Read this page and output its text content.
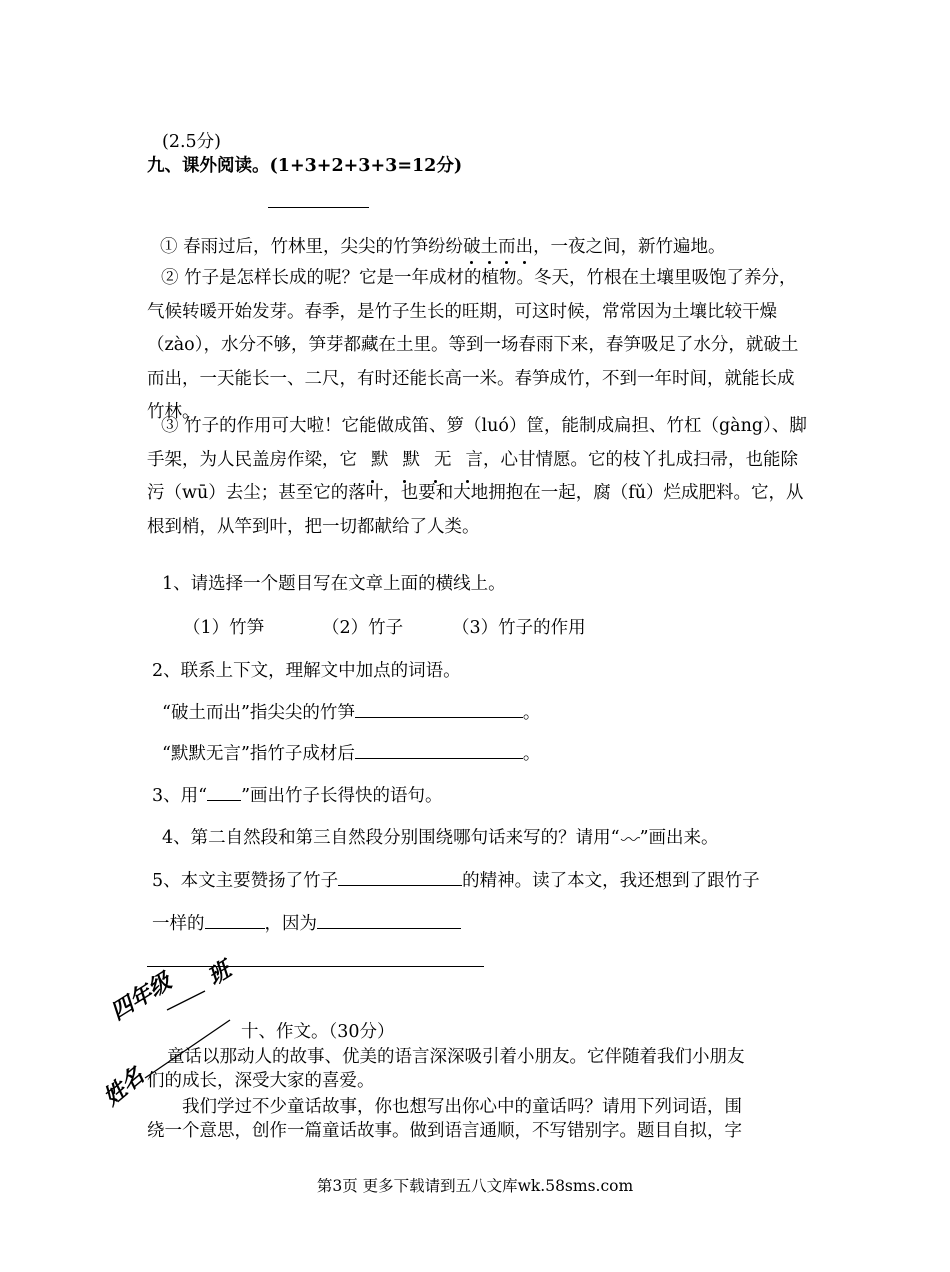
(2.5分)
九、课外阅读。(1+3+2+3+3=12分)
① 春雨过后，竹林里，尖尖的竹笋纷纷破土而出，一夜之间，新竹遍地。
② 竹子是怎样长成的呢？它是一年成材的植物。冬天，竹根在土壤里吸饱了养分，气候转暖开始发芽。春季，是竹子生长的旺期，可这时候，常常因为土壤比较干燥（zào），水分不够，笋芽都藏在土里。等到一场春雨下来，春笋吸足了水分，就破土而出，一天能长一、二尺，有时还能长高一米。春笋成竹，不到一年时间，就能长成竹林。
③ 竹子的作用可大啦！它能做成笛、箩（luó）筐，能制成扁担、竹杠（gàng）、脚手架，为人民盖房作梁，它 默 默 无 言，心甘情愿。它的枝丫扎成扫帚，也能除污（wū）去尘；甚至它的落叶，也要和大地拥抱在一起，腐（fǔ）烂成肥料。它，从根到梢，从竿到叶，把一切都献给了人类。
1、请选择一个题目写在文章上面的横线上。
（1）竹笋	（2）竹子	（3）竹子的作用
2、联系上下文，理解文中加点的词语。
“破土而出”指尖尖的竹笋	。
“默默无言”指竹子成材后	。
3、用“ ”画出竹子长得快的语句。
4、第二自然段和第三自然段分别围绕哪句话来写的？请用“ ”画出来。
5、本文主要赞扬了竹子	的精神。读了本文，我还想到了跟竹子
一样的	，因为
四年级 班
姓名
十、作文。（30分）
童话以那动人的故事、优美的语言深深吸引着小朋友。它伴随着我们小朋友
们的成长，深受大家的喜爱。
我们学过不少童话故事，你也想写出你心中的童话吗？请用下列词语，围
绕一个意思，创作一篇童话故事。做到语言通顺，不写错别字。题目自拟，字
第3页 更多下载请到五八文库wk.58sms.com
